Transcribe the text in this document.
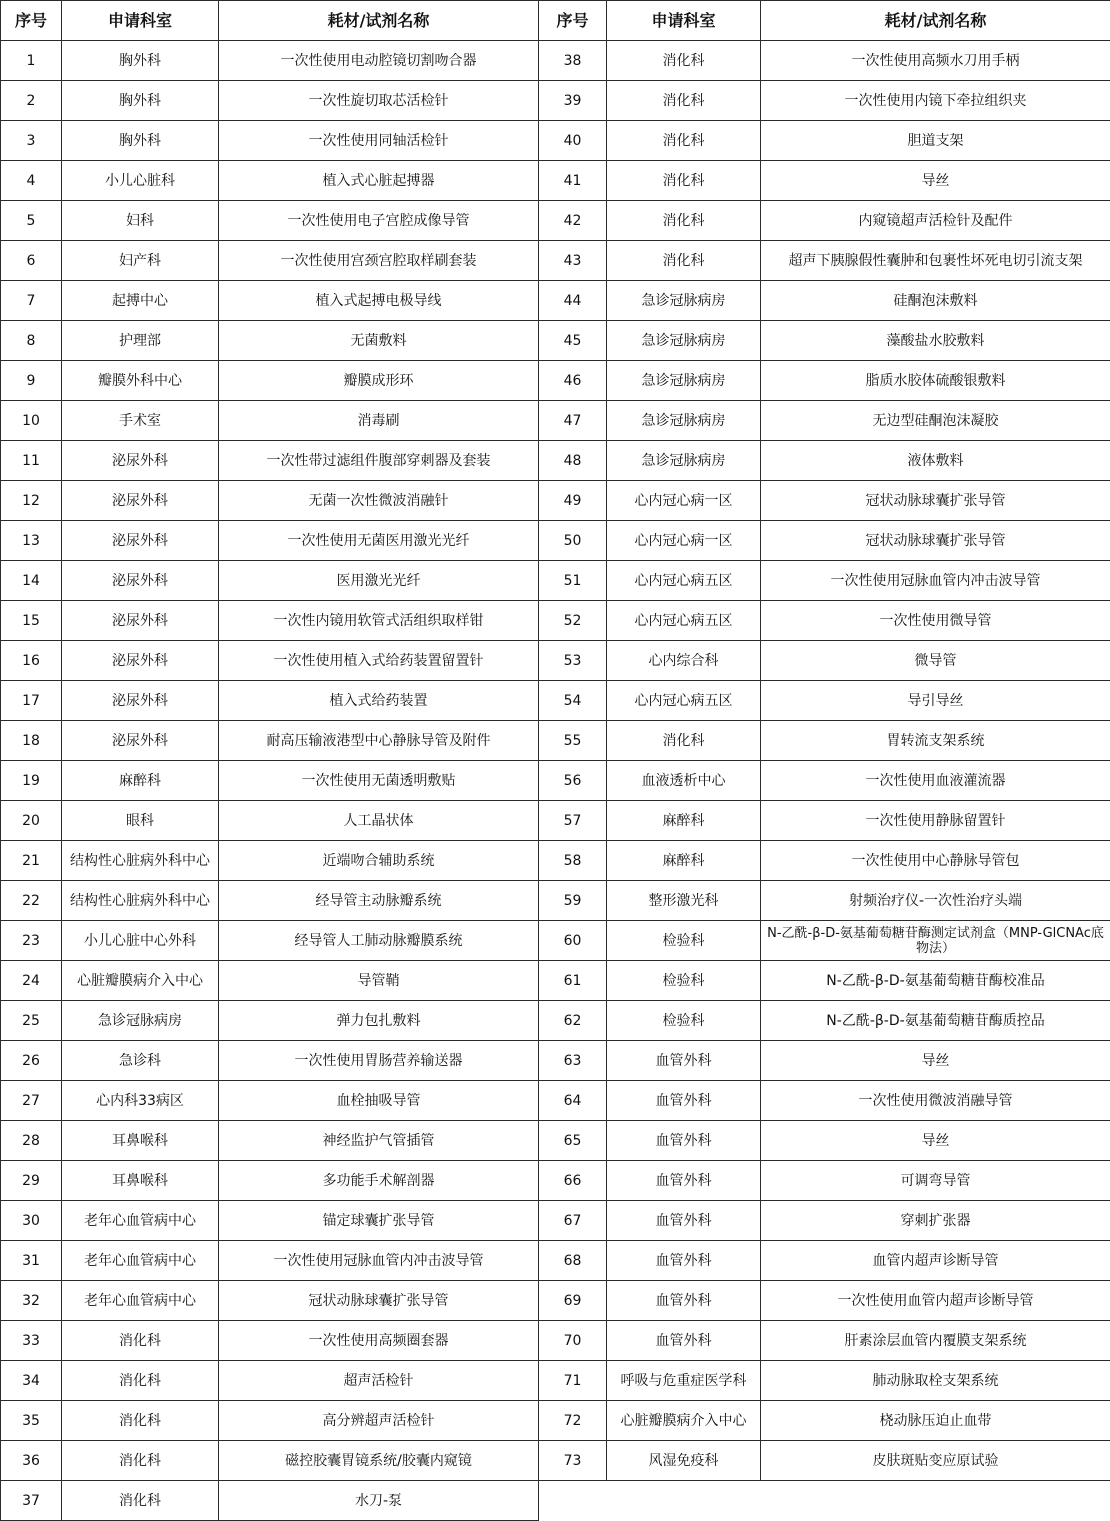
序号	申请科室	耗材/试剂名称	序号	申请科室	耗材/试剂名称
1	胸外科	一次性使用电动腔镜切割吻合器	38	消化科	一次性使用高频水刀用手柄
2	胸外科	一次性旋切取芯活检针	39	消化科	一次性使用内镜下牵拉组织夹
3	胸外科	一次性使用同轴活检针	40	消化科	胆道支架
4	小儿心脏科	植入式心脏起搏器	41	消化科	导丝
5	妇科	一次性使用电子宫腔成像导管	42	消化科	内窥镜超声活检针及配件
6	妇产科	一次性使用宫颈宫腔取样刷套装	43	消化科	超声下胰腺假性囊肿和包裹性坏死电切引流支架
7	起搏中心	植入式起搏电极导线	44	急诊冠脉病房	硅酮泡沫敷料
8	护理部	无菌敷料	45	急诊冠脉病房	藻酸盐水胶敷料
9	瓣膜外科中心	瓣膜成形环	46	急诊冠脉病房	脂质水胶体硫酸银敷料
10	手术室	消毒刷	47	急诊冠脉病房	无边型硅酮泡沫凝胶
11	泌尿外科	一次性带过滤组件腹部穿刺器及套装	48	急诊冠脉病房	液体敷料
12	泌尿外科	无菌一次性微波消融针	49	心内冠心病一区	冠状动脉球囊扩张导管
13	泌尿外科	一次性使用无菌医用激光光纤	50	心内冠心病一区	冠状动脉球囊扩张导管
14	泌尿外科	医用激光光纤	51	心内冠心病五区	一次性使用冠脉血管内冲击波导管
15	泌尿外科	一次性内镜用软管式活组织取样钳	52	心内冠心病五区	一次性使用微导管
16	泌尿外科	一次性使用植入式给药装置留置针	53	心内综合科	微导管
17	泌尿外科	植入式给药装置	54	心内冠心病五区	导引导丝
18	泌尿外科	耐高压输液港型中心静脉导管及附件	55	消化科	胃转流支架系统
19	麻醉科	一次性使用无菌透明敷贴	56	血液透析中心	一次性使用血液灌流器
20	眼科	人工晶状体	57	麻醉科	一次性使用静脉留置针
21	结构性心脏病外科中心	近端吻合辅助系统	58	麻醉科	一次性使用中心静脉导管包
22	结构性心脏病外科中心	经导管主动脉瓣系统	59	整形激光科	射频治疗仪-一次性治疗头端
23	小儿心脏中心外科	经导管人工肺动脉瓣膜系统	60	检验科	N-乙酰-β-D-氨基葡萄糖苷酶测定试剂盒（MNP-GlCNAc底物法）
24	心脏瓣膜病介入中心	导管鞘	61	检验科	N-乙酰-β-D-氨基葡萄糖苷酶校准品
25	急诊冠脉病房	弹力包扎敷料	62	检验科	N-乙酰-β-D-氨基葡萄糖苷酶质控品
26	急诊科	一次性使用胃肠营养输送器	63	血管外科	导丝
27	心内科33病区	血栓抽吸导管	64	血管外科	一次性使用微波消融导管
28	耳鼻喉科	神经监护气管插管	65	血管外科	导丝
29	耳鼻喉科	多功能手术解剖器	66	血管外科	可调弯导管
30	老年心血管病中心	锚定球囊扩张导管	67	血管外科	穿刺扩张器
31	老年心血管病中心	一次性使用冠脉血管内冲击波导管	68	血管外科	血管内超声诊断导管
32	老年心血管病中心	冠状动脉球囊扩张导管	69	血管外科	一次性使用血管内超声诊断导管
33	消化科	一次性使用高频圈套器	70	血管外科	肝素涂层血管内覆膜支架系统
34	消化科	超声活检针	71	呼吸与危重症医学科	肺动脉取栓支架系统
35	消化科	高分辨超声活检针	72	心脏瓣膜病介入中心	桡动脉压迫止血带
36	消化科	磁控胶囊胃镜系统/胶囊内窥镜	73	风湿免疫科	皮肤斑贴变应原试验
37	消化科	水刀-泵			
